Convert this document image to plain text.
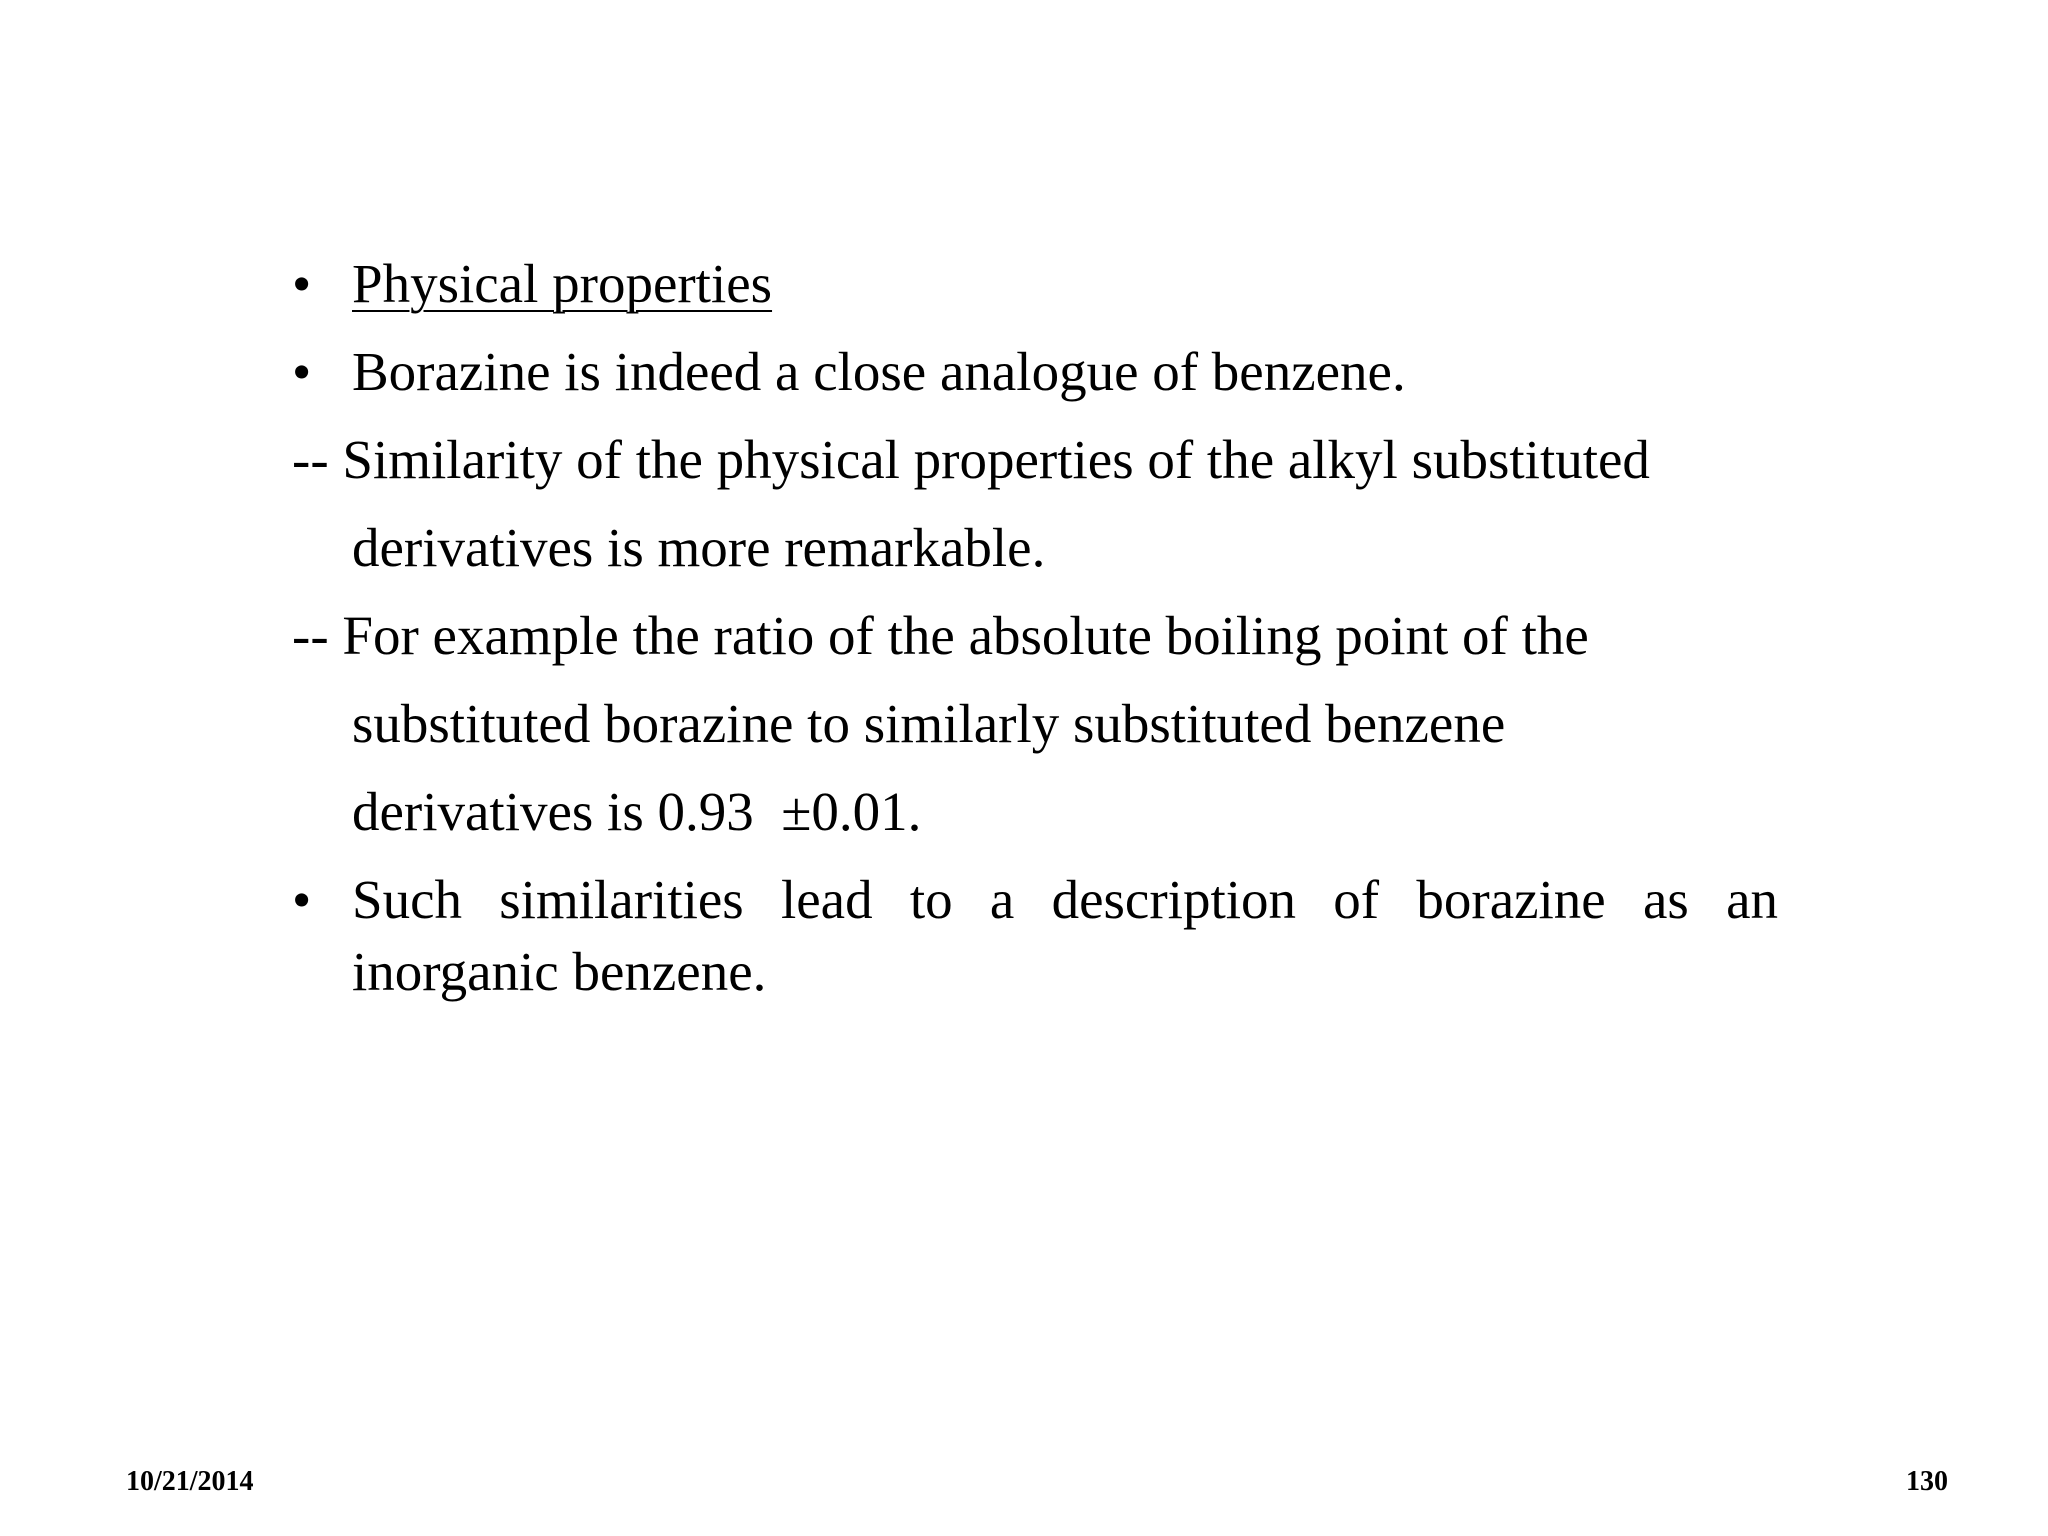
• Physical properties
• Borazine is indeed a close analogue of benzene.
-- Similarity of the physical properties of the alkyl substituted
derivatives is more remarkable.
-- For example the ratio of the absolute boiling point of the
substituted borazine to similarly substituted benzene
derivatives is 0.93  ±0.01.
• Such similarities lead to a description of borazine as an inorganic benzene.
10/21/2014	130
